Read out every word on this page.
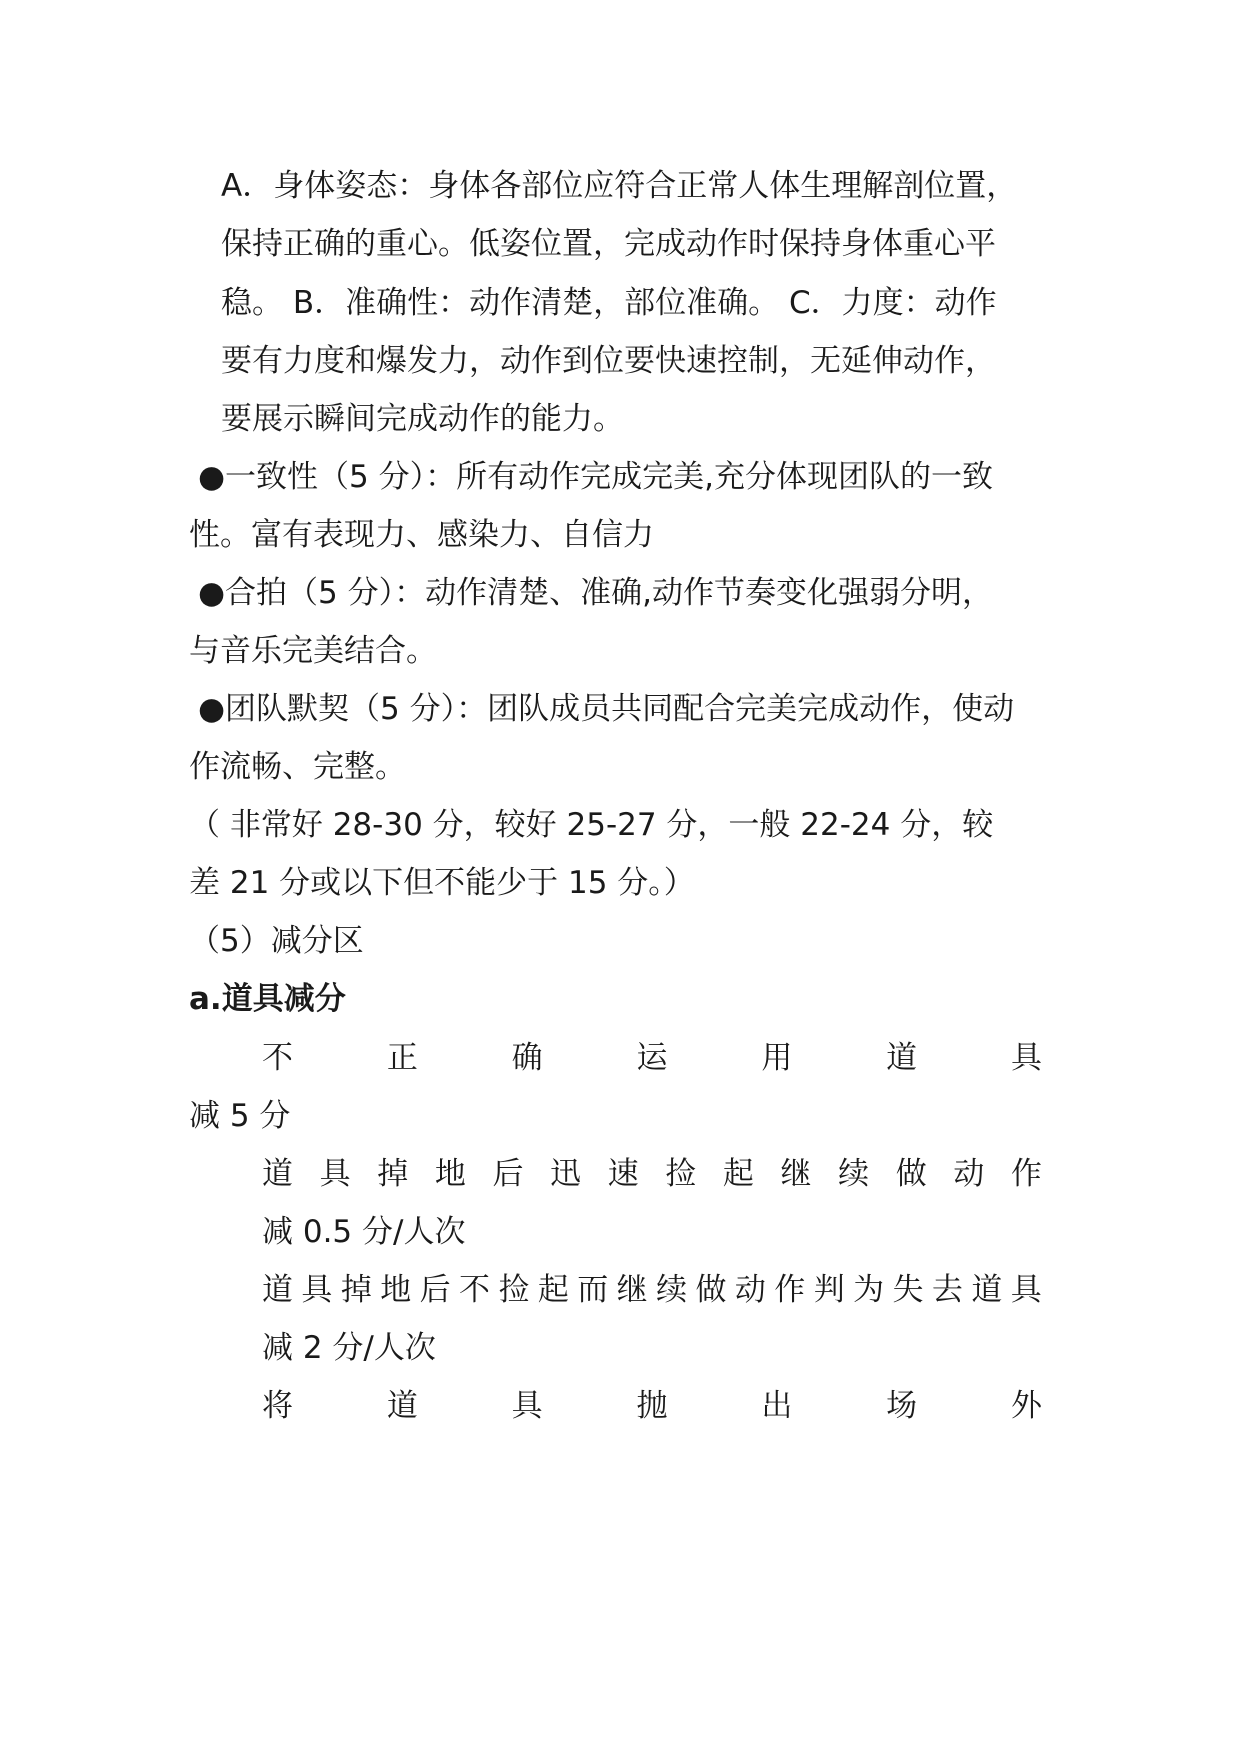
A．身体姿态：身体各部位应符合正常人体生理解剖位置，
保持正确的重心。低姿位置，完成动作时保持身体重心平
稳。 B．准确性：动作清楚，部位准确。 C．力度：动作
要有力度和爆发力，动作到位要快速控制，无延伸动作，
要展示瞬间完成动作的能力。
●一致性（5 分）：所有动作完成完美,充分体现团队的一致
性。富有表现力、感染力、自信力
●合拍（5 分）：动作清楚、准确,动作节奏变化强弱分明，
与音乐完美结合。
●团队默契（5 分）：团队成员共同配合完美完成动作，使动
作流畅、完整。
（ 非常好 28-30 分，较好 25-27 分，一般 22-24 分，较
差 21 分或以下但不能少于 15 分。）
（5）减分区
a.道具减分
不	正	确	运	用	道	具
减 5 分
道 具 掉 地 后 迅 速 捡 起 继 续 做 动 作
减 0.5 分/人次
道 具 掉 地 后 不 捡 起 而 继 续 做 动 作 判 为 失 去 道 具
减 2 分/人次
将	道	具	抛	出	场	外
